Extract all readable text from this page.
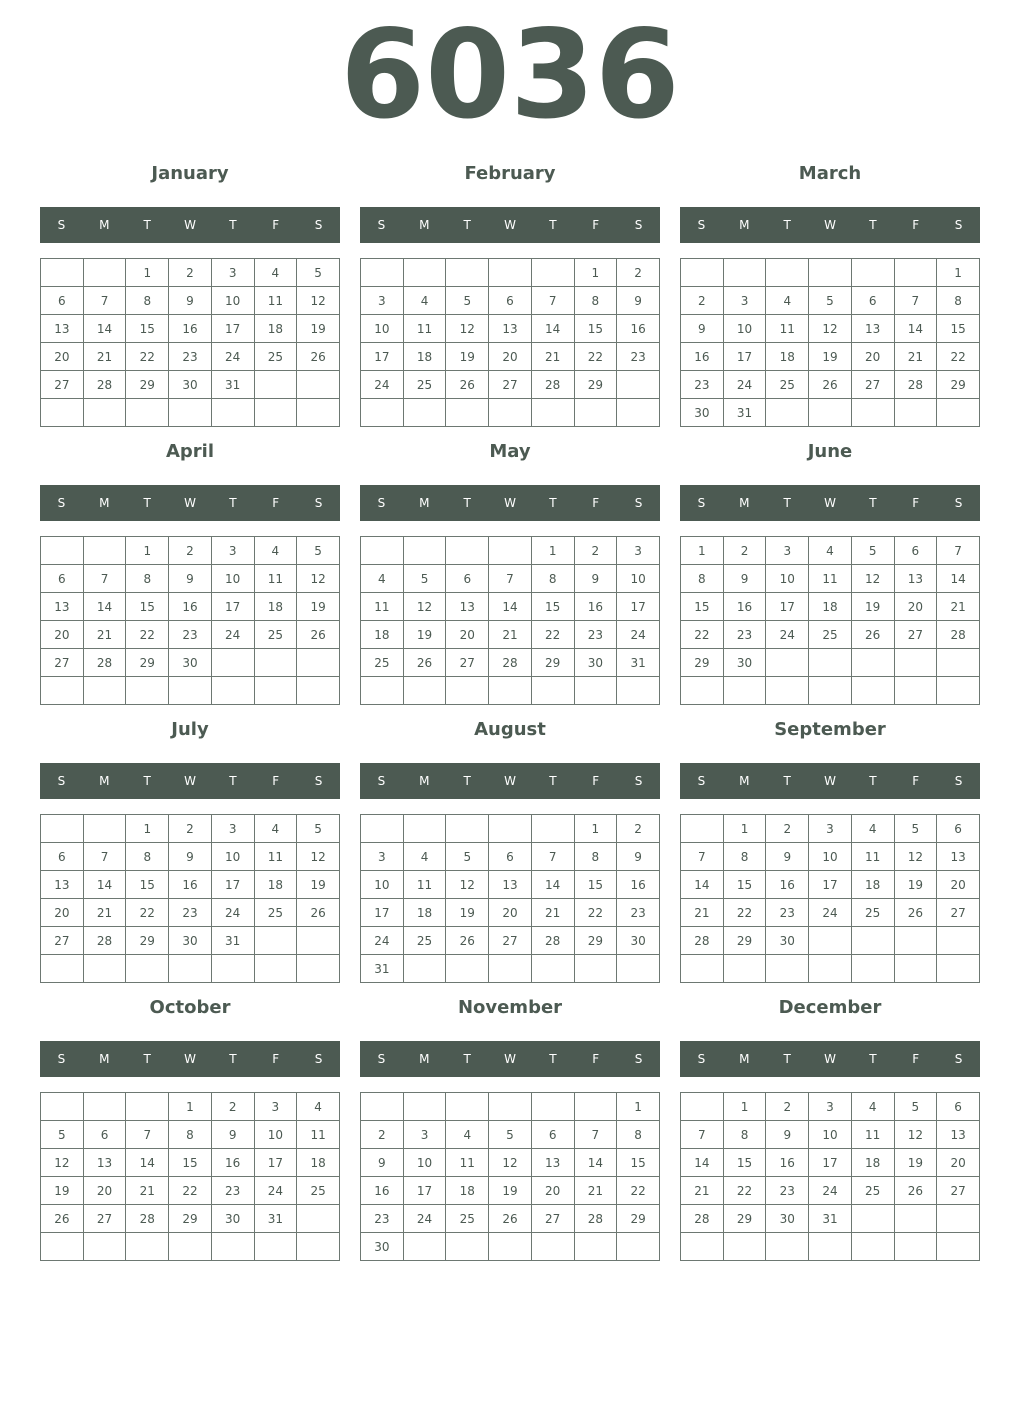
6036
January
S	M	T	W	T	F	S
		1	2	3	4	5
6	7	8	9	10	11	12
13	14	15	16	17	18	19
20	21	22	23	24	25	26
27	28	29	30	31		

February
S	M	T	W	T	F	S
					1	2
3	4	5	6	7	8	9
10	11	12	13	14	15	16
17	18	19	20	21	22	23
24	25	26	27	28	29	

March
S	M	T	W	T	F	S
						1
2	3	4	5	6	7	8
9	10	11	12	13	14	15
16	17	18	19	20	21	22
23	24	25	26	27	28	29
30	31					
April
S	M	T	W	T	F	S
		1	2	3	4	5
6	7	8	9	10	11	12
13	14	15	16	17	18	19
20	21	22	23	24	25	26
27	28	29	30			

May
S	M	T	W	T	F	S
				1	2	3
4	5	6	7	8	9	10
11	12	13	14	15	16	17
18	19	20	21	22	23	24
25	26	27	28	29	30	31

June
S	M	T	W	T	F	S
1	2	3	4	5	6	7
8	9	10	11	12	13	14
15	16	17	18	19	20	21
22	23	24	25	26	27	28
29	30					

July
S	M	T	W	T	F	S
		1	2	3	4	5
6	7	8	9	10	11	12
13	14	15	16	17	18	19
20	21	22	23	24	25	26
27	28	29	30	31		

August
S	M	T	W	T	F	S
					1	2
3	4	5	6	7	8	9
10	11	12	13	14	15	16
17	18	19	20	21	22	23
24	25	26	27	28	29	30
31						
September
S	M	T	W	T	F	S
	1	2	3	4	5	6
7	8	9	10	11	12	13
14	15	16	17	18	19	20
21	22	23	24	25	26	27
28	29	30				

October
S	M	T	W	T	F	S
			1	2	3	4
5	6	7	8	9	10	11
12	13	14	15	16	17	18
19	20	21	22	23	24	25
26	27	28	29	30	31	

November
S	M	T	W	T	F	S
						1
2	3	4	5	6	7	8
9	10	11	12	13	14	15
16	17	18	19	20	21	22
23	24	25	26	27	28	29
30						
December
S	M	T	W	T	F	S
	1	2	3	4	5	6
7	8	9	10	11	12	13
14	15	16	17	18	19	20
21	22	23	24	25	26	27
28	29	30	31			
